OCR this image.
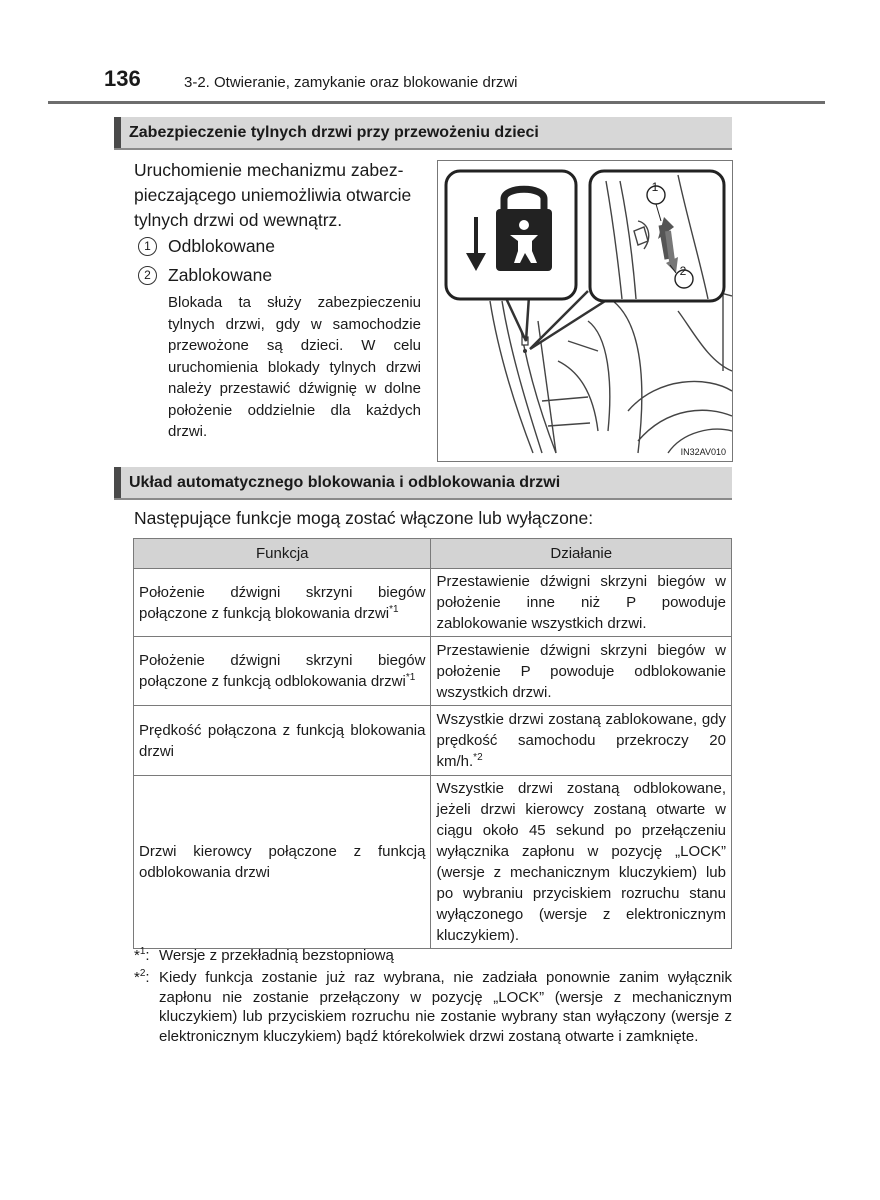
136	3-2. Otwieranie, zamykanie oraz blokowanie drzwi
Zabezpieczenie tylnych drzwi przy przewożeniu dzieci
Uruchomienie mechanizmu zabez-
pieczającego uniemożliwia otwarcie
tylnych drzwi od wewnątrz.
1 Odblokowane
2 Zablokowane
Blokada ta służy zabezpieczeniu tylnych drzwi, gdy w samochodzie przewożone są dzieci. W celu uruchomienia blokady tylnych drzwi należy przestawić dźwignię w dolne położenie oddzielnie dla każdych drzwi.
1
2
IN32AV010
Układ automatycznego blokowania i odblokowania drzwi
Następujące funkcje mogą zostać włączone lub wyłączone:
Funkcja	Działanie
Położenie dźwigni skrzyni biegów połączone z funkcją blokowania drzwi$^{*1}$	Przestawienie dźwigni skrzyni biegów w położenie inne niż P powoduje zablokowanie wszystkich drzwi.
Położenie dźwigni skrzyni biegów połączone z funkcją odblokowania drzwi$^{*1}$	Przestawienie dźwigni skrzyni biegów w położenie P powoduje odblokowanie wszystkich drzwi.
Prędkość połączona z funkcją blokowania drzwi	Wszystkie drzwi zostaną zablokowane, gdy prędkość samochodu przekroczy 20 km/h.$^{*2}$
Drzwi kierowcy połączone z funkcją odblokowania drzwi	Wszystkie drzwi zostaną odblokowane, jeżeli drzwi kierowcy zostaną otwarte w ciągu około 45 sekund po przełączeniu wyłącznika zapłonu w pozycję „LOCK” (wersje z mechanicznym kluczykiem) lub po wybraniu przyciskiem rozruchu stanu wyłączonego (wersje z elektronicznym kluczykiem).
*$^1$: Wersje z przekładnią bezstopniową
*$^2$: Kiedy funkcja zostanie już raz wybrana, nie zadziała ponownie zanim wyłącznik zapłonu nie zostanie przełączony w pozycję „LOCK” (wersje z mechanicznym kluczykiem) lub przyciskiem rozruchu nie zostanie wybrany stan wyłączony (wersje z elektronicznym kluczykiem) bądź którekolwiek drzwi zostaną otwarte i zamknięte.
